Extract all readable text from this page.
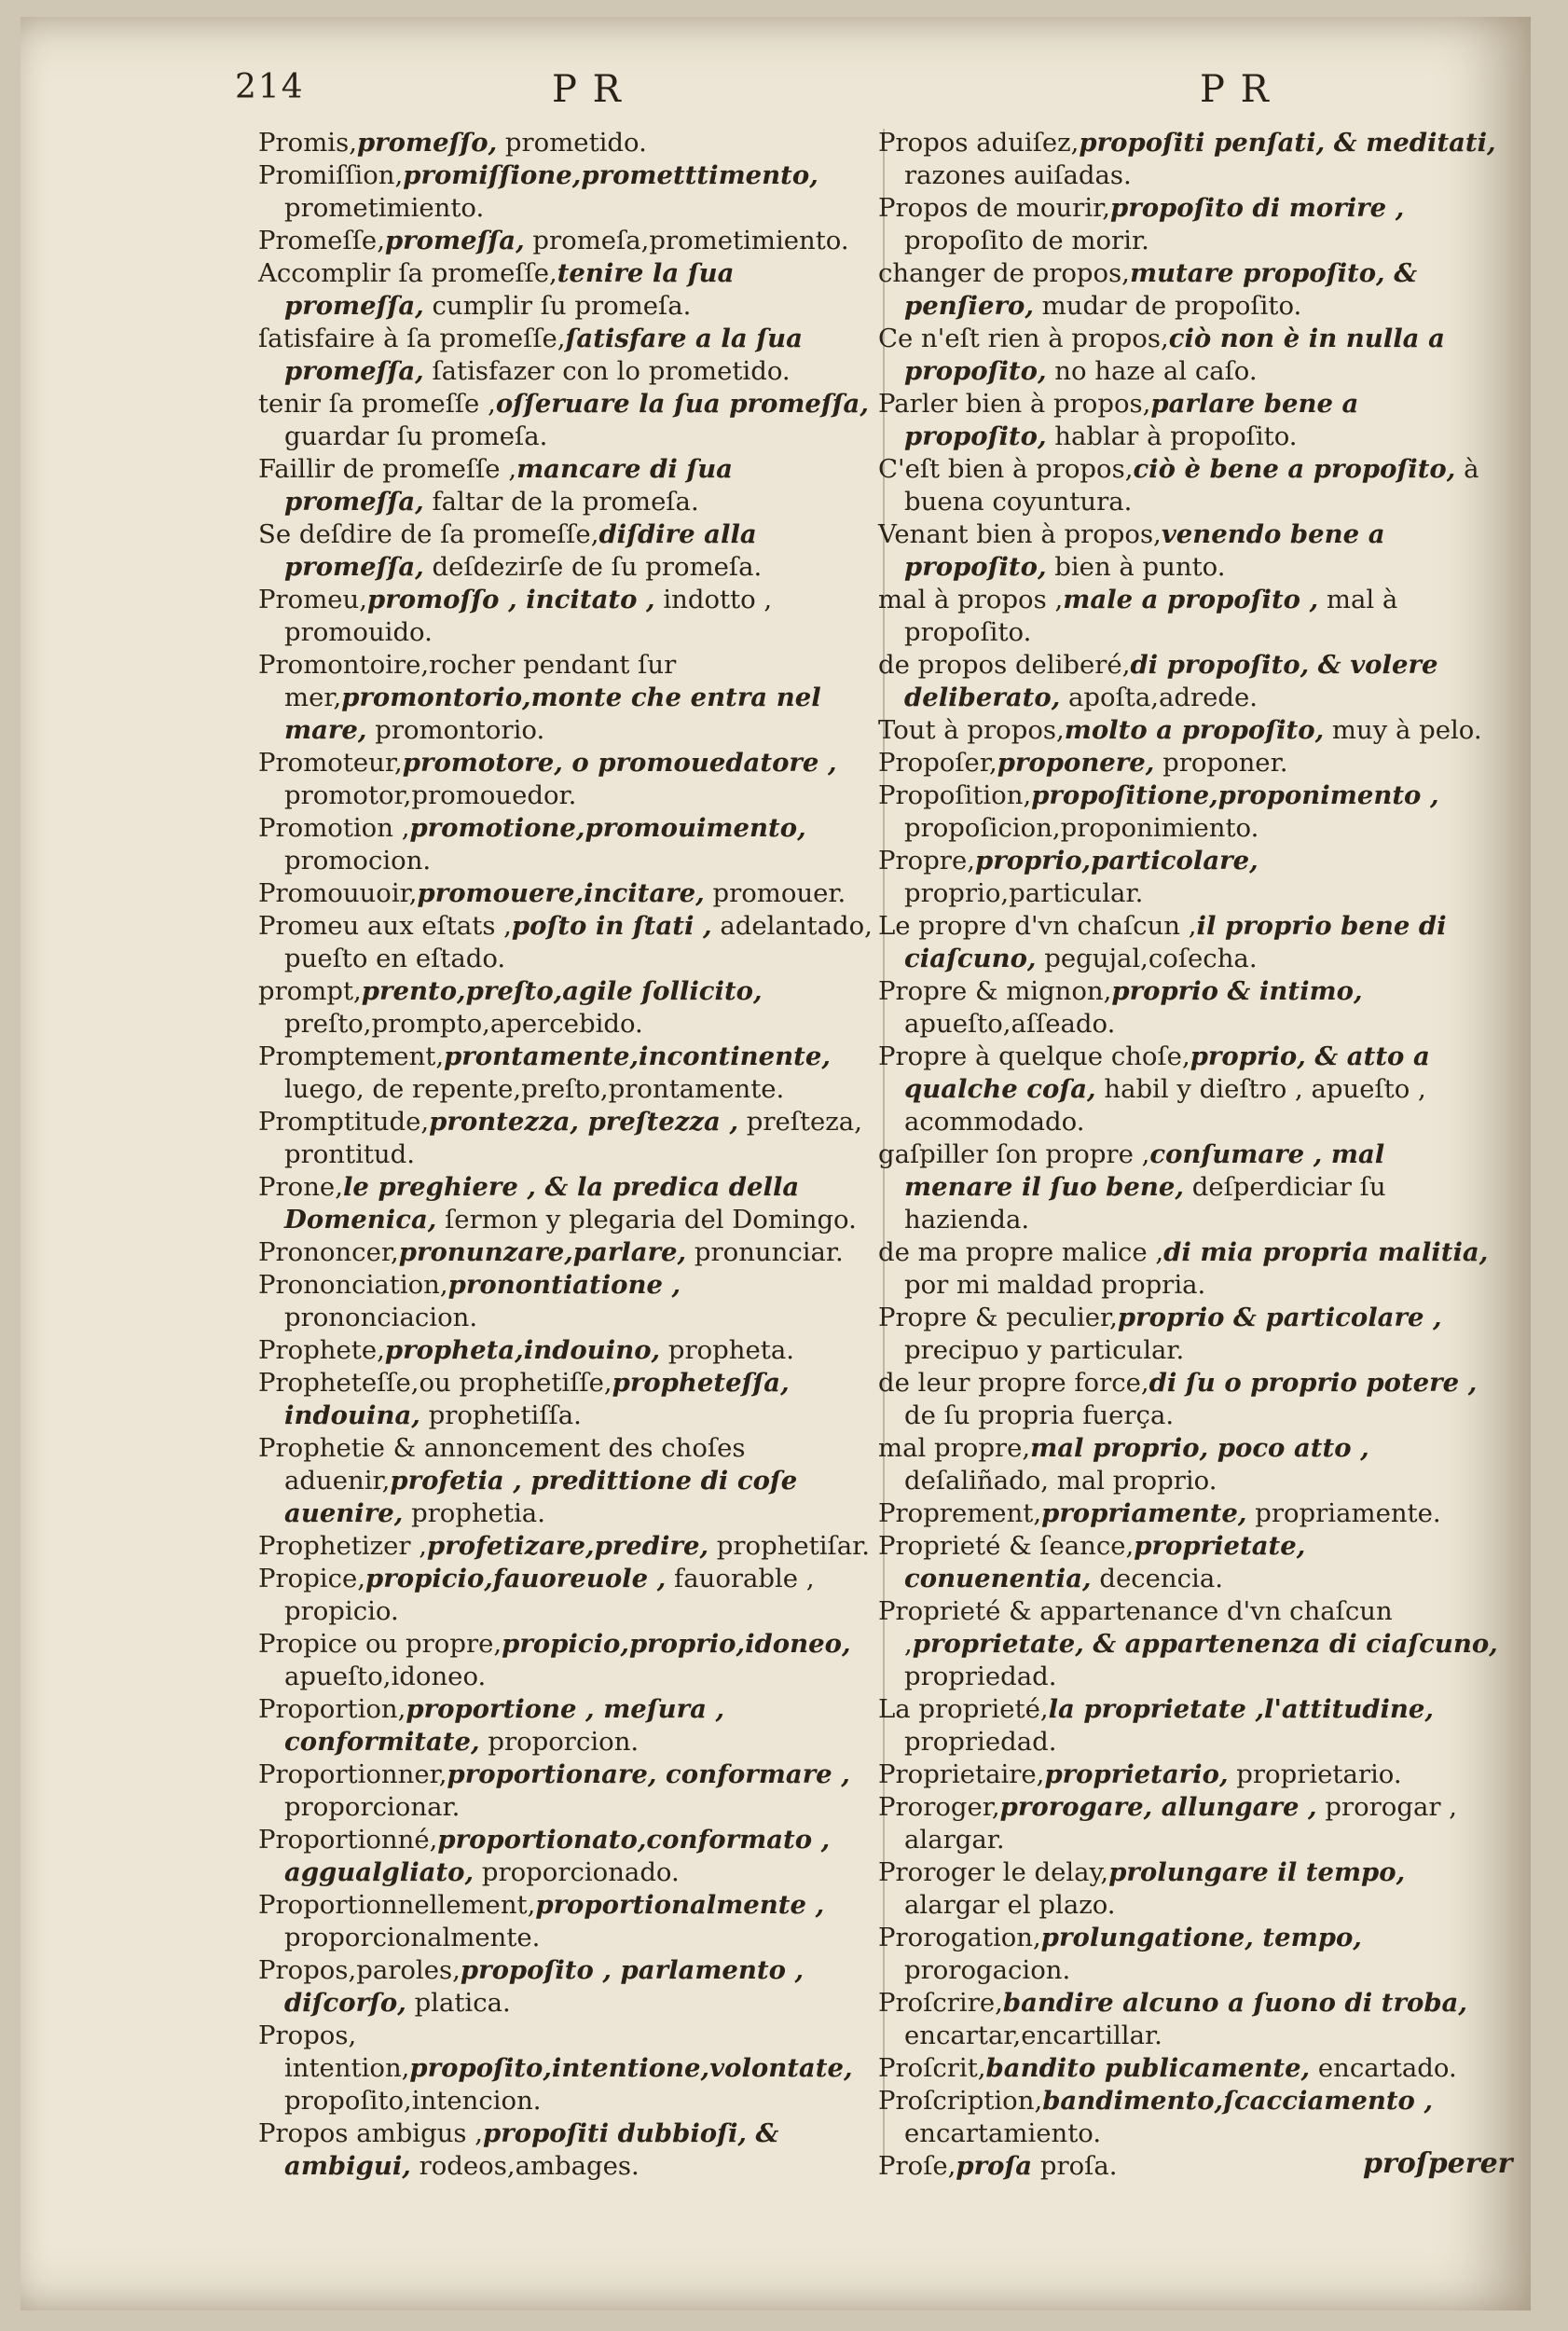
214	P R	P R

Promis,promeſſo, prometido.

Promiſſion,promiſſione,prometttimento, prometimiento.

Promeſſe,promeſſa, promeſa,prometimiento.

Accomplir ſa promeſſe,tenire la ſua promeſſa, cumplir ſu promeſa.

ſatisfaire à ſa promeſſe,ſatisfare a la ſua promeſſa, ſatisfazer con lo prometido.

tenir ſa promeſſe ,oſſeruare la ſua promeſſa, guardar ſu promeſa.

Faillir de promeſſe ,mancare di ſua promeſſa, faltar de la promeſa.

Se deſdire de ſa promeſſe,diſdire alla promeſſa, deſdezirſe de ſu promeſa.

Promeu,promoſſo , incitato , indotto , promouido.

Promontoire,rocher pendant ſur mer,promontorio,monte che entra nel mare, promontorio.

Promoteur,promotore, o promouedatore , promotor,promouedor.

Promotion ,promotione,promouimento, promocion.

Promouuoir,promouere,incitare, promouer.

Promeu aux eſtats ,poſto in ſtati , adelantado, pueſto en eſtado.

prompt,prento,preſto,agile ſollicito, preſto,prompto,apercebido.

Promptement,prontamente,incontinente, luego, de repente,preſto,prontamente.

Promptitude,prontezza, preſtezza , preſteza, prontitud.

Prone,le preghiere , & la predica della Domenica, ſermon y plegaria del Domingo.

Prononcer,pronunzare,parlare, pronunciar.

Prononciation,pronontiatione , prononciacion.

Prophete,propheta,indouino, propheta.

Propheteſſe,ou prophetiſſe,propheteſſa, indouina, prophetiſſa.

Prophetie & annoncement des choſes aduenir,profetia , predittione di coſe auenire, prophetia.

Prophetizer ,profetizare,predire, prophetiſar.

Propice,propicio,fauoreuole , fauorable , propicio.

Propice ou propre,propicio,proprio,idoneo, apueſto,idoneo.

Proportion,proportione , meſura , conformitate, proporcion.

Proportionner,proportionare, conformare , proporcionar.

Proportionné,proportionato,conformato , aggualgliato, proporcionado.

Proportionnellement,proportionalmente , proporcionalmente.

Propos,paroles,propoſito , parlamento , diſcorſo, platica.

Propos, intention,propoſito,intentione,volontate, propoſito,intencion.

Propos ambigus ,propoſiti dubbioſi, & ambigui, rodeos,ambages.

Propos aduiſez,propoſiti penſati, & meditati, razones auiſadas.

Propos de mourir,propoſito di morire , propoſito de morir.

changer de propos,mutare propoſito, & penſiero, mudar de propoſito.

Ce n'eſt rien à propos,ciò non è in nulla a propoſito, no haze al caſo.

Parler bien à propos,parlare bene a propoſito, hablar à propoſito.

C'eſt bien à propos,ciò è bene a propoſito, à buena coyuntura.

Venant bien à propos,venendo bene a propoſito, bien à punto.

mal à propos ,male a propoſito , mal à propoſito.

de propos deliberé,di propoſito, & volere deliberato, apoſta,adrede.

Tout à propos,molto a propoſito, muy à pelo.

Propoſer,proponere, proponer.

Propoſition,propoſitione,proponimento , propoſicion,proponimiento.

Propre,proprio,particolare, proprio,particular.

Le propre d'vn chaſcun ,il proprio bene di ciaſcuno, pegujal,coſecha.

Propre & mignon,proprio & intimo, apueſto,aſſeado.

Propre à quelque choſe,proprio, & atto a qualche coſa, habil y dieſtro , apueſto , acommodado.

gaſpiller ſon propre ,conſumare , mal menare il ſuo bene, deſperdiciar ſu hazienda.

de ma propre malice ,di mia propria malitia, por mi maldad propria.

Propre & peculier,proprio & particolare , precipuo y particular.

de leur propre force,di ſu o proprio potere , de ſu propria fuerça.

mal propre,mal proprio, poco atto , deſaliñado, mal proprio.

Proprement,propriamente, propriamente.

Proprieté & ſeance,proprietate, conuenentia, decencia.

Proprieté & appartenance d'vn chaſcun ,proprietate, & appartenenza di ciaſcuno, propriedad.

La proprieté,la proprietate ,l'attitudine, propriedad.

Proprietaire,proprietario, proprietario.

Proroger,prorogare, allungare , prorogar , alargar.

Proroger le delay,prolungare il tempo, alargar el plazo.

Prorogation,prolungatione, tempo, prorogacion.

Proſcrire,bandire alcuno a ſuono di troba, encartar,encartillar.

Proſcrit,bandito publicamente, encartado.

Proſcription,bandimento,ſcacciamento , encartamiento.

Proſe,proſa proſa.	proſperer
